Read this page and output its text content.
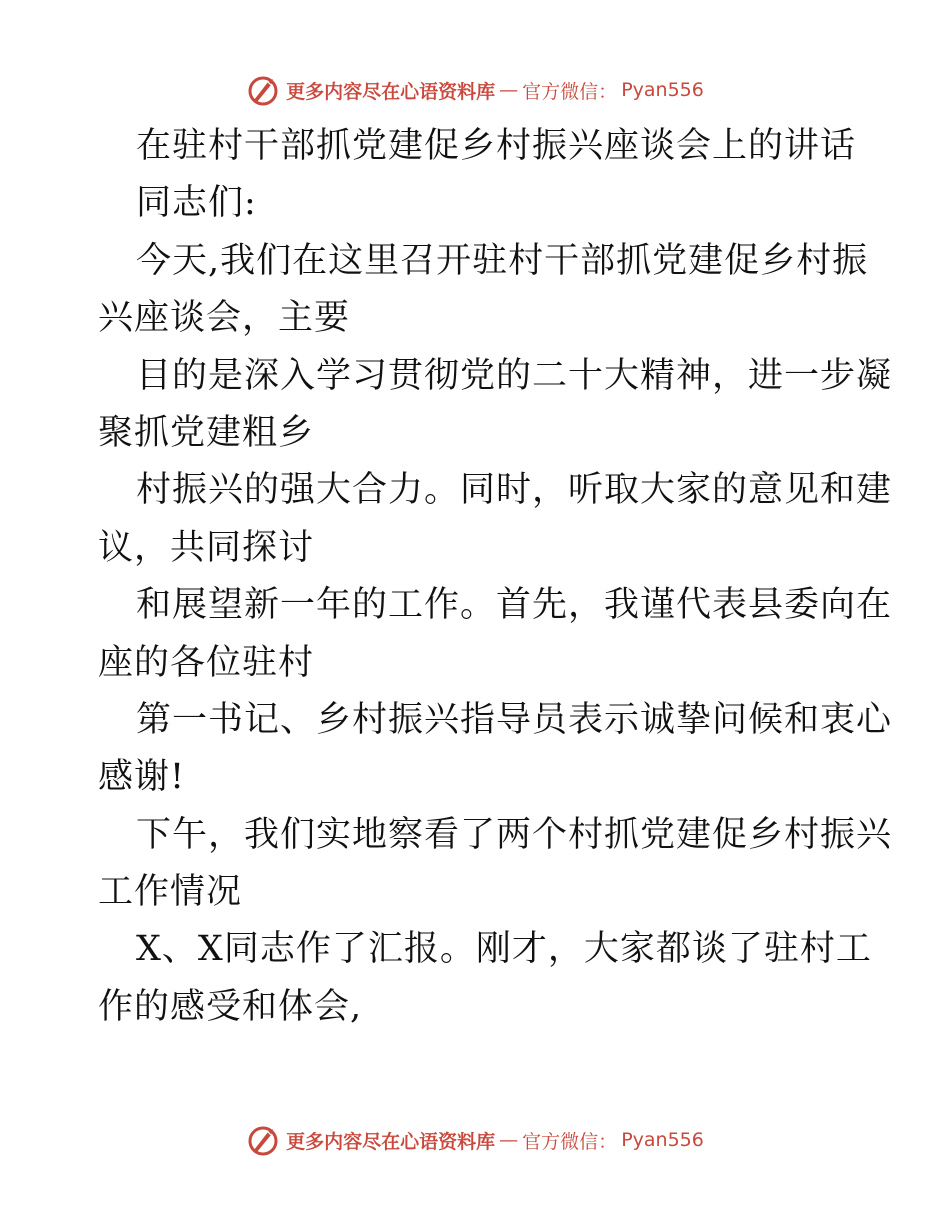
更多内容尽在心语资料库 — 官方微信： Pyan556
在驻村干部抓党建促乡村振兴座谈会上的讲话
同志们:
今天,我们在这里召开驻村干部抓党建促乡村振
兴座谈会，主要
目的是深入学习贯彻党的二十大精神，进一步凝
聚抓党建粗乡
村振兴的强大合力。同时，听取大家的意见和建
议，共同探讨
和展望新一年的工作。首先，我谨代表县委向在
座的各位驻村
第一书记、乡村振兴指导员表示诚挚问候和衷心
感谢!
下午，我们实地察看了两个村抓党建促乡村振兴
工作情况
X、X同志作了汇报。刚才，大家都谈了驻村工
作的感受和体会,
更多内容尽在心语资料库 — 官方微信： Pyan556
